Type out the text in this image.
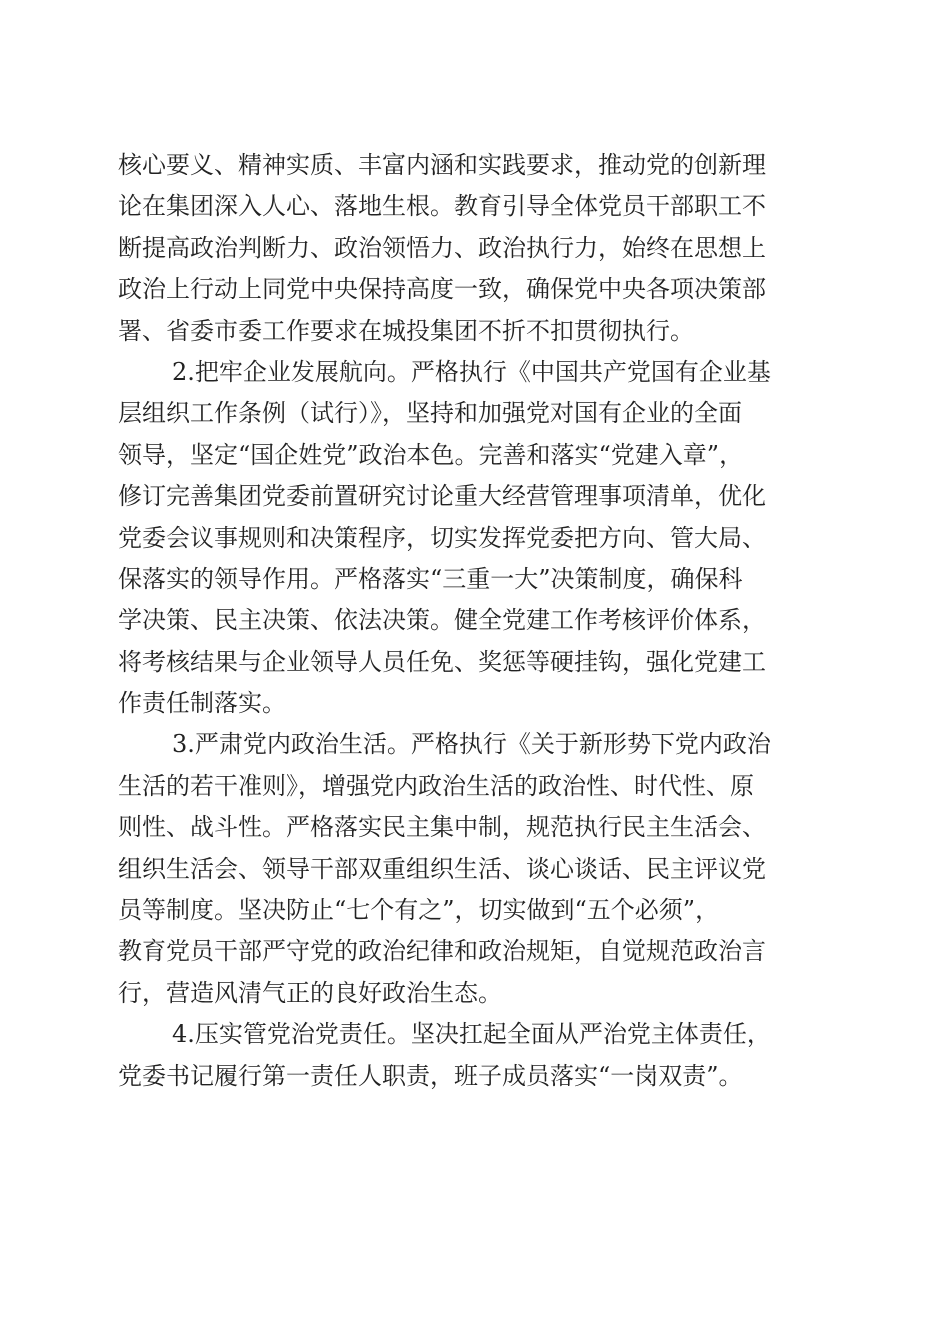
核心要义、精神实质、丰富内涵和实践要求，推动党的创新理
论在集团深入人心、落地生根。教育引导全体党员干部职工不
断提高政治判断力、政治领悟力、政治执行力，始终在思想上
政治上行动上同党中央保持高度一致，确保党中央各项决策部
署、省委市委工作要求在城投集团不折不扣贯彻执行。
2.把牢企业发展航向。严格执行《中国共产党国有企业基
层组织工作条例（试行）》，坚持和加强党对国有企业的全面
领导，坚定“国企姓党”政治本色。完善和落实“党建入章”，
修订完善集团党委前置研究讨论重大经营管理事项清单，优化
党委会议事规则和决策程序，切实发挥党委把方向、管大局、
保落实的领导作用。严格落实“三重一大”决策制度，确保科
学决策、民主决策、依法决策。健全党建工作考核评价体系，
将考核结果与企业领导人员任免、奖惩等硬挂钩，强化党建工
作责任制落实。
3.严肃党内政治生活。严格执行《关于新形势下党内政治
生活的若干准则》，增强党内政治生活的政治性、时代性、原
则性、战斗性。严格落实民主集中制，规范执行民主生活会、
组织生活会、领导干部双重组织生活、谈心谈话、民主评议党
员等制度。坚决防止“七个有之”，切实做到“五个必须”，
教育党员干部严守党的政治纪律和政治规矩，自觉规范政治言
行，营造风清气正的良好政治生态。
4.压实管党治党责任。坚决扛起全面从严治党主体责任，
党委书记履行第一责任人职责，班子成员落实“一岗双责”。
